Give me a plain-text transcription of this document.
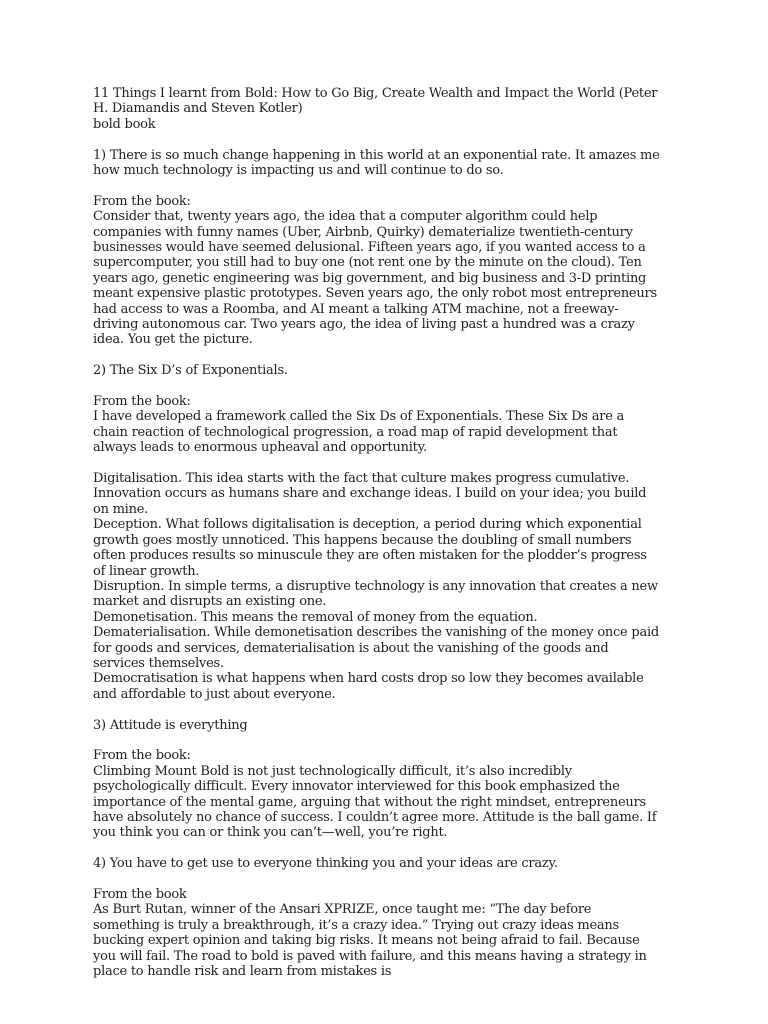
11 Things I learnt from Bold: How to Go Big, Create Wealth and Impact the World (Peter H. Diamandis and Steven Kotler)

bold book

1) There is so much change happening in this world at an exponential rate. It amazes me how much technology is impacting us and will continue to do so.

From the book:

Consider that, twenty years ago, the idea that a computer algorithm could help companies with funny names (Uber, Airbnb, Quirky) dematerialize twentieth-century businesses would have seemed delusional. Fifteen years ago, if you wanted access to a supercomputer, you still had to buy one (not rent one by the minute on the cloud). Ten years ago, genetic engineering was big government, and big business and 3-D printing meant expensive plastic prototypes. Seven years ago, the only robot most entrepreneurs had access to was a Roomba, and AI meant a talking ATM machine, not a freeway-driving autonomous car. Two years ago, the idea of living past a hundred was a crazy idea. You get the picture.

2) The Six D’s of Exponentials.

From the book:

I have developed a framework called the Six Ds of Exponentials. These Six Ds are a chain reaction of technological progression, a road map of rapid development that always leads to enormous upheaval and opportunity.

Digitalisation. This idea starts with the fact that culture makes progress cumulative. Innovation occurs as humans share and exchange ideas. I build on your idea; you build on mine.

Deception. What follows digitalisation is deception, a period during which exponential growth goes mostly unnoticed. This happens because the doubling of small numbers often produces results so minuscule they are often mistaken for the plodder’s progress of linear growth.

Disruption. In simple terms, a disruptive technology is any innovation that creates a new market and disrupts an existing one.

Demonetisation. This means the removal of money from the equation.

Dematerialisation. While demonetisation describes the vanishing of the money once paid for goods and services, dematerialisation is about the vanishing of the goods and services themselves.

Democratisation is what happens when hard costs drop so low they becomes available and affordable to just about everyone.

3) Attitude is everything

From the book:

Climbing Mount Bold is not just technologically difficult, it’s also incredibly psychologically difficult. Every innovator interviewed for this book emphasized the importance of the mental game, arguing that without the right mindset, entrepreneurs have absolutely no chance of success. I couldn’t agree more. Attitude is the ball game. If you think you can or think you can’t—well, you’re right.

4) You have to get use to everyone thinking you and your ideas are crazy.

From the book

As Burt Rutan, winner of the Ansari XPRIZE, once taught me: “The day before something is truly a breakthrough, it’s a crazy idea.” Trying out crazy ideas means bucking expert opinion and taking big risks. It means not being afraid to fail. Because you will fail. The road to bold is paved with failure, and this means having a strategy in place to handle risk and learn from mistakes is
